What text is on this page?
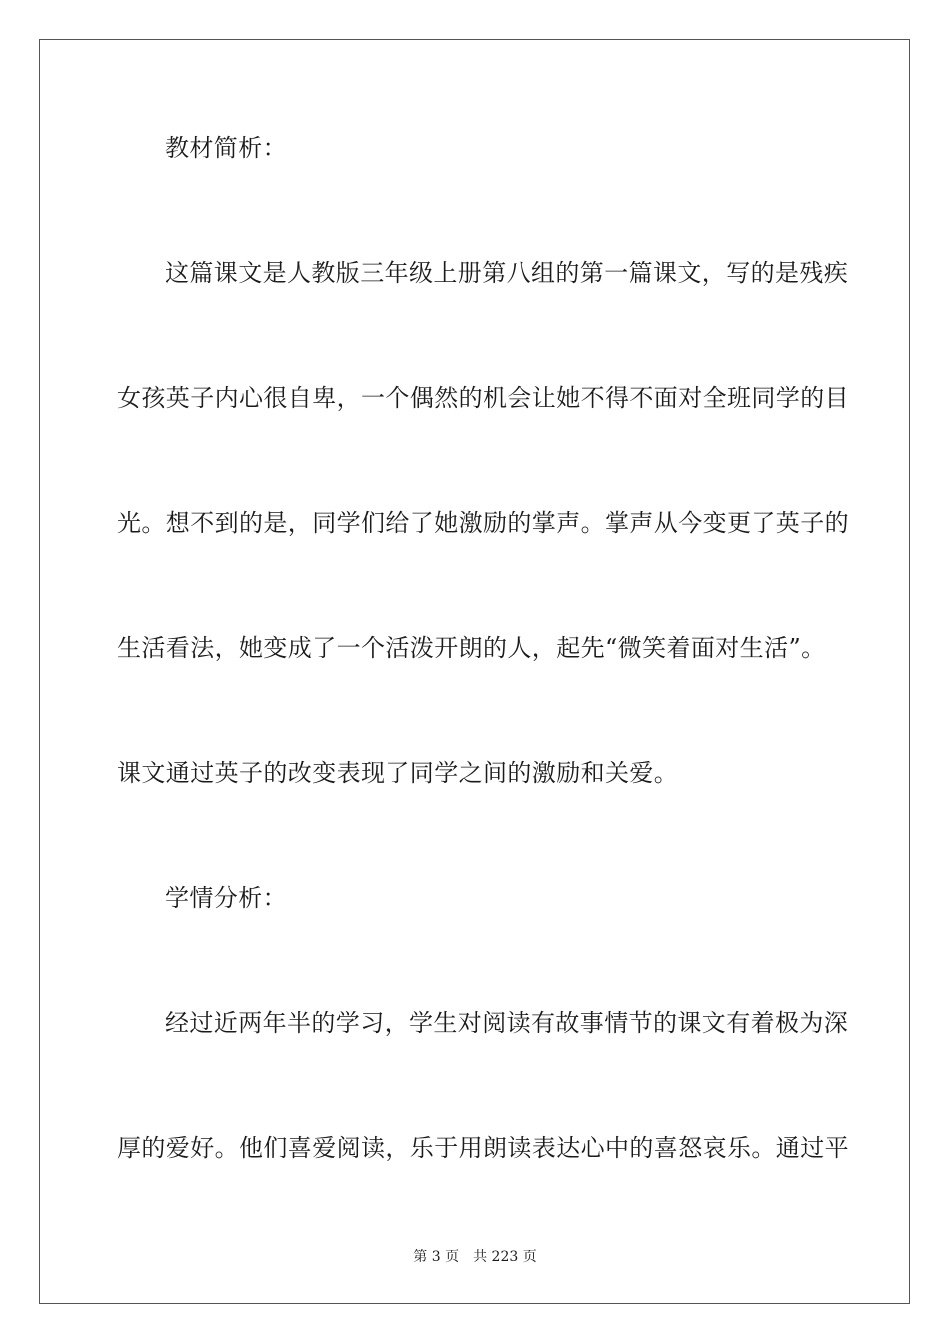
教材简析：
这篇课文是人教版三年级上册第八组的第一篇课文，写的是残疾
女孩英子内心很自卑，一个偶然的机会让她不得不面对全班同学的目
光。想不到的是，同学们给了她激励的掌声。掌声从今变更了英子的
生活看法，她变成了一个活泼开朗的人，起先“微笑着面对生活”。
课文通过英子的改变表现了同学之间的激励和关爱。
学情分析：
经过近两年半的学习，学生对阅读有故事情节的课文有着极为深
厚的爱好。他们喜爱阅读，乐于用朗读表达心中的喜怒哀乐。通过平
第 3 页 共 223 页
